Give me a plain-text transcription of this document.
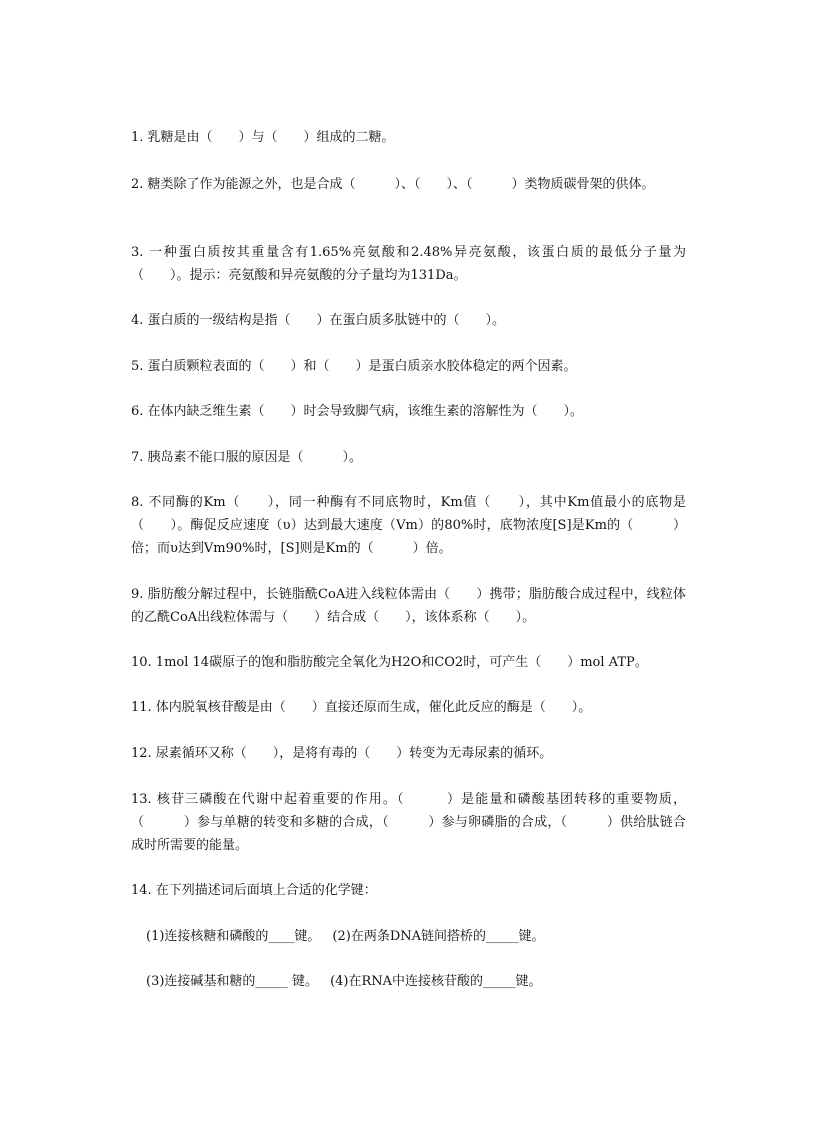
1. 乳糖是由（　　）与（　　）组成的二糖。

2. 糖类除了作为能源之外，也是合成（　　　）、（　　）、（　　　）类物质碳骨架的供体。

3. 一种蛋白质按其重量含有1.65%亮氨酸和2.48%异亮氨酸，该蛋白质的最低分子量为（　　）。提示：亮氨酸和异亮氨酸的分子量均为131Da。

4. 蛋白质的一级结构是指（　　）在蛋白质多肽链中的（　　）。

5. 蛋白质颗粒表面的（　　）和（　　）是蛋白质亲水胶体稳定的两个因素。

6. 在体内缺乏维生素（　　）时会导致脚气病，该维生素的溶解性为（　　）。

7. 胰岛素不能口服的原因是（　　　）。

8. 不同酶的Km（　　），同一种酶有不同底物时，Km值（　　），其中Km值最小的底物是（　　）。酶促反应速度（υ）达到最大速度（Vm）的80%时，底物浓度[S]是Km的（　　　）倍；而υ达到Vm90%时，[S]则是Km的（　　　）倍。

9. 脂肪酸分解过程中，长链脂酰CoA进入线粒体需由（　　）携带；脂肪酸合成过程中，线粒体的乙酰CoA出线粒体需与（　　）结合成（　　），该体系称（　　）。

10. 1mol 14碳原子的饱和脂肪酸完全氧化为H2O和CO2时，可产生（　　）mol ATP。

11. 体内脱氧核苷酸是由（　　）直接还原而生成，催化此反应的酶是（　　）。

12. 尿素循环又称（　　），是将有毒的（　　）转变为无毒尿素的循环。

13. 核苷三磷酸在代谢中起着重要的作用。（　　　）是能量和磷酸基团转移的重要物质，（　　　）参与单糖的转变和多糖的合成，（　　　）参与卵磷脂的合成，（　　　）供给肽链合成时所需要的能量。

14. 在下列描述词后面填上合适的化学键：

(1)连接核糖和磷酸的____键。 (2)在两条DNA链间搭桥的_____键。

(3)连接碱基和糖的_____ 键。 (4)在RNA中连接核苷酸的_____键。
